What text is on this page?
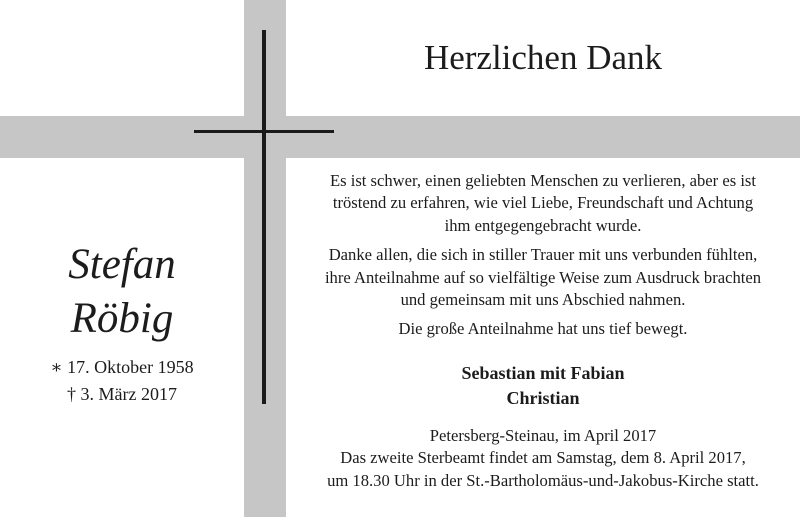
Herzlichen Dank
Stefan
Röbig
∗ 17. Oktober 1958
† 3. März 2017

Es ist schwer, einen geliebten Menschen zu verlieren, aber es ist
tröstend zu erfahren, wie viel Liebe, Freundschaft und Achtung
ihm entgegengebracht wurde.

Danke allen, die sich in stiller Trauer mit uns verbunden fühlten,
ihre Anteilnahme auf so vielfältige Weise zum Ausdruck brachten
und gemeinsam mit uns Abschied nahmen.

Die große Anteilnahme hat uns tief bewegt.

Sebastian mit Fabian
Christian
Petersberg-Steinau, im April 2017
Das zweite Sterbeamt findet am Samstag, dem 8. April 2017,
um 18.30 Uhr in der St.-Bartholomäus-und-Jakobus-Kirche statt.
